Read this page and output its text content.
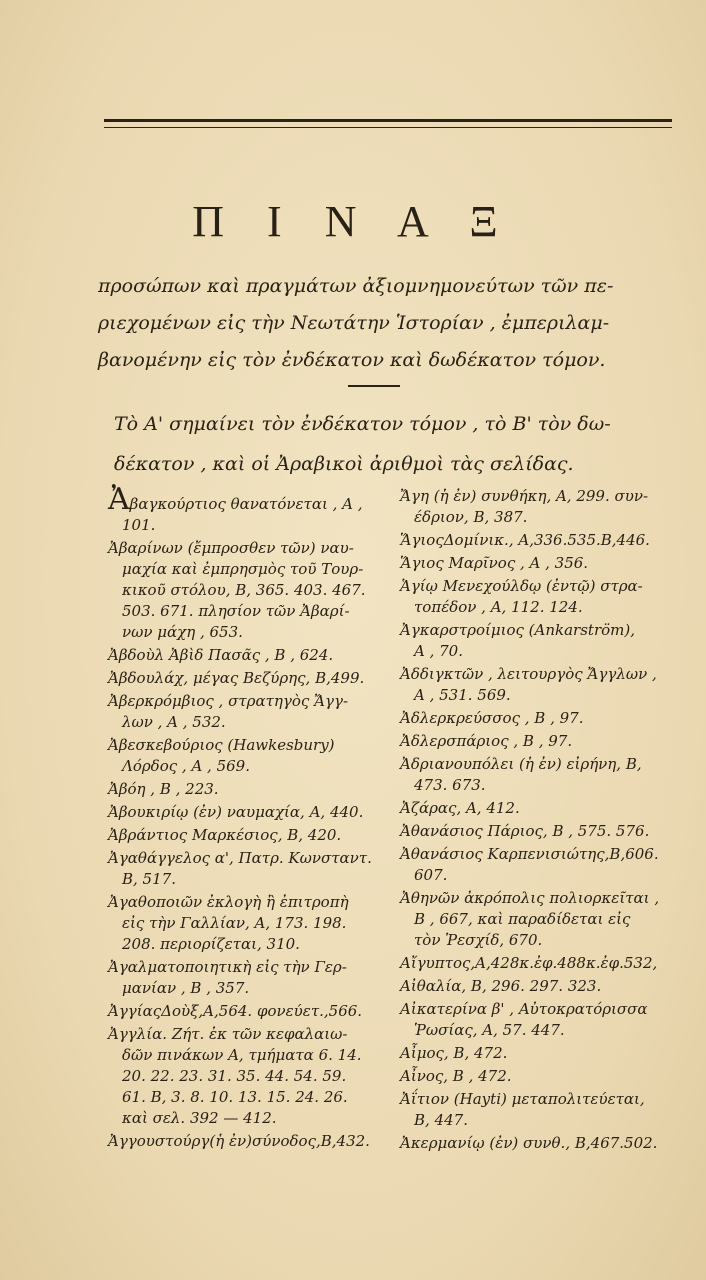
Π Ι Ν Α Ξ
προσώπων καὶ πραγμάτων ἀξιομνημονεύτων τῶν πε-
ριεχομένων εἰς τὴν Νεωτάτην Ἱστορίαν , ἐμπεριλαμ-
βανομένην εἰς τὸν ἐνδέκατον καὶ δωδέκατον τόμον.
Τὸ Α' σημαίνει τὸν ἐνδέκατον τόμον , τὸ Β' τὸν δω-
δέκατον , καὶ οἱ Ἀραβικοὶ ἀριθμοὶ τὰς σελίδας.
Ἀβαγκούρτιος θανατόνεται , Α ,
101.
Ἀβαρίνων (ἔμπροσθεν τῶν) ναυ-
μαχία καὶ ἐμπρησμὸς τοῦ Τουρ-
κικοῦ στόλου, Β, 365. 403. 467.
503. 671. πλησίον τῶν Ἀβαρί-
νων μάχη , 653.
Ἀβδοὺλ Ἀβὶδ Πασᾶς , Β , 624.
Ἀβδουλάχ, μέγας Βεζύρης, Β,499.
Ἀβερκρόμβιος , στρατηγὸς Ἄγγ-
λων , Α , 532.
Ἀβεσκεβούριος (Hawkesbury)
Λόρδος , Α , 569.
Ἀβόη , Β , 223.
Ἀβουκιρίῳ (ἐν) ναυμαχία, Α, 440.
Ἀβράντιος Μαρκέσιος, Β, 420.
Ἀγαθάγγελος α', Πατρ. Κωνσταντ.
Β, 517.
Ἀγαθοποιῶν ἐκλογὴ ἢ ἐπιτροπὴ
εἰς τὴν Γαλλίαν, Α, 173. 198.
208. περιορίζεται, 310.
Ἀγαλματοποιητικὴ εἰς τὴν Γερ-
μανίαν , Β , 357.
ἈγγίαςΔοὺξ,Α,564. φονεύετ.,566.
Ἀγγλία. Ζήτ. ἐκ τῶν κεφαλαιω-
δῶν πινάκων Α, τμήματα 6. 14.
20. 22. 23. 31. 35. 44. 54. 59.
61. Β, 3. 8. 10. 13. 15. 24. 26.
καὶ σελ. 392 — 412.
Ἀγγουστούργ(ἡ ἐν)σύνοδος,Β,432.
Ἄγη (ἡ ἐν) συνθήκη, Α, 299. συν-
έδριον, Β, 387.
ἍγιοςΔομίνικ., Α,336.535.Β,446.
Ἅγιος Μαρῖνος , Α , 356.
Ἁγίῳ Μενεχούλδῳ (ἐντῷ) στρα-
τοπέδον , Α, 112. 124.
Ἀγκαρστροίμιος (Ankarström),
Α , 70.
Ἀδδιγκτῶν , λειτουργὸς Ἄγγλων ,
Α , 531. 569.
Ἀδλερκρεύσσος , Β , 97.
Ἀδλερσπάριος , Β , 97.
Ἀδριανουπόλει (ἡ ἐν) εἰρήνη, Β,
473. 673.
Ἀζάρας, Α, 412.
Ἀθανάσιος Πάριος, Β , 575. 576.
Ἀθανάσιος Καρπενισιώτης,Β,606.
607.
Ἀθηνῶν ἀκρόπολις πολιορκεῖται ,
Β , 667, καὶ παραδίδεται εἰς
τὸν Ῥεσχίδ, 670.
Αἴγυπτος,Α,428κ.ἐφ.488κ.ἐφ.532,
Αἰθαλία, Β, 296. 297. 323.
Αἰκατερίνα β' , Αὐτοκρατόρισσα
Ῥωσίας, Α, 57. 447.
Αἶμος, Β, 472.
Αἶνος, Β , 472.
Ἀΐτιον (Hayti) μεταπολιτεύεται,
Β, 447.
Ἀκερμανίῳ (ἐν) συνθ., Β,467.502.
